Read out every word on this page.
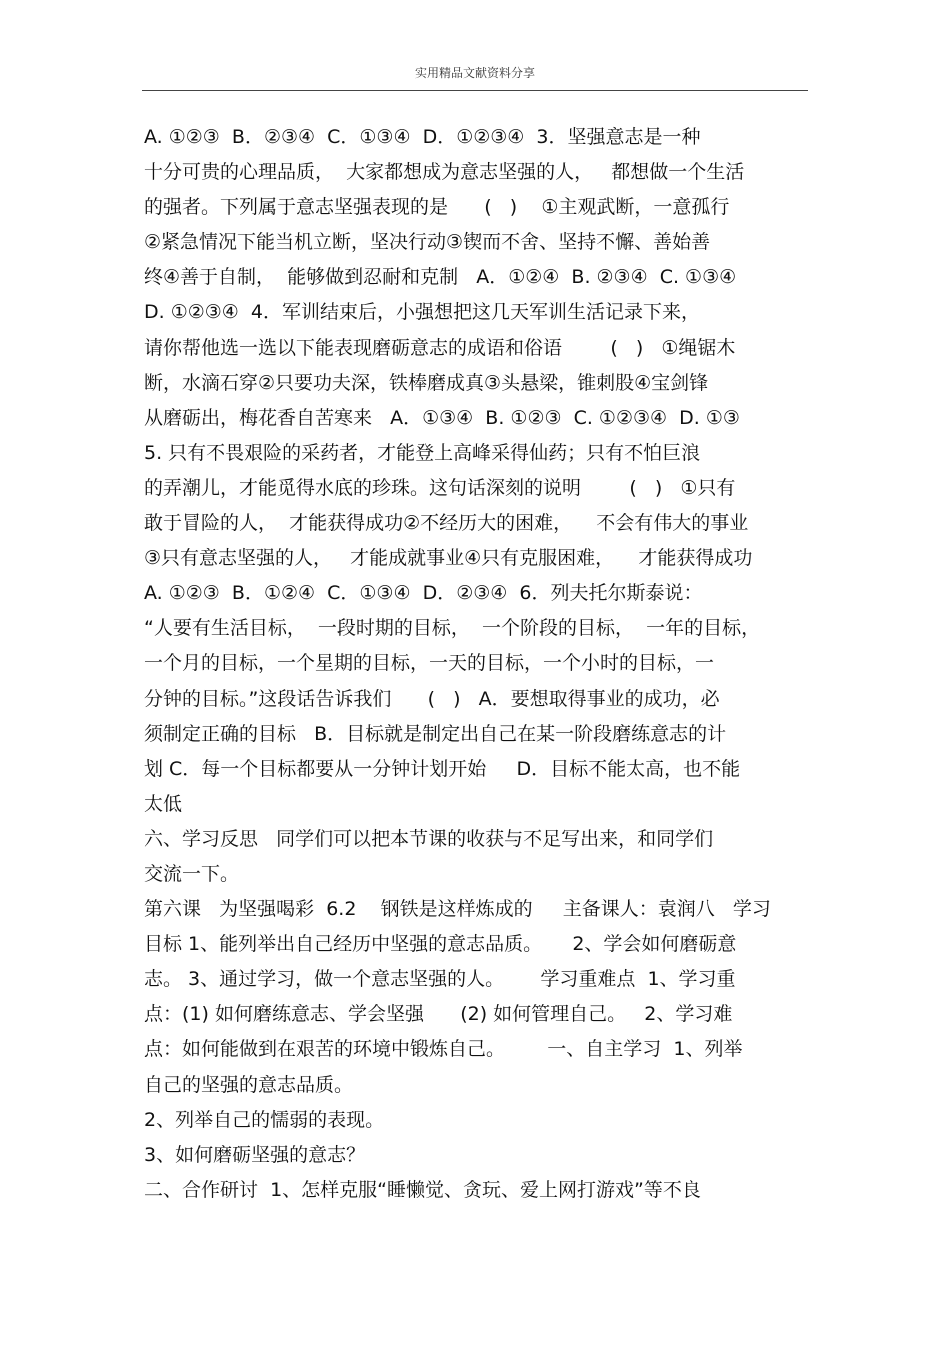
实用精品文献资料分享
A. ①②③  B．②③④  C．①③④  D．①②③④  3．坚强意志是一种
十分可贵的心理品质，  大家都想成为意志坚强的人，   都想做一个生活
的强者。下列属于意志坚强表现的是      (   )    ①主观武断，一意孤行
②紧急情况下能当机立断，坚决行动③锲而不舍、坚持不懈、善始善
终④善于自制，  能够做到忍耐和克制   A．①②④  B. ②③④  C. ①③④
D. ①②③④  4．军训结束后，小强想把这几天军训生活记录下来，
请你帮他选一选以下能表现磨砺意志的成语和俗语        (   )   ①绳锯木
断，水滴石穿②只要功夫深，铁棒磨成真③头悬梁，锥刺股④宝剑锋
从磨砺出，梅花香自苦寒来   A．①③④  B. ①②③  C. ①②③④  D. ①③
5. 只有不畏艰险的采药者，才能登上高峰采得仙药；只有不怕巨浪
的弄潮儿，才能觅得水底的珍珠。这句话深刻的说明        (   )   ①只有
敢于冒险的人，  才能获得成功②不经历大的困难，    不会有伟大的事业
③只有意志坚强的人，   才能成就事业④只有克服困难，    才能获得成功
A. ①②③  B．①②④  C．①③④  D．②③④  6．列夫托尔斯泰说：
“人要有生活目标，  一段时期的目标，  一个阶段的目标，  一年的目标，
一个月的目标，一个星期的目标，一天的目标，一个小时的目标，一
分钟的目标。”这段话告诉我们      (   )   A．要想取得事业的成功，必
须制定正确的目标   B．目标就是制定出自己在某一阶段磨练意志的计
划 C．每一个目标都要从一分钟计划开始     D．目标不能太高，也不能
太低
六、学习反思   同学们可以把本节课的收获与不足写出来，和同学们
交流一下。
第六课   为坚强喝彩  6.2    钢铁是这样炼成的     主备课人：袁润八   学习
目标 1、能列举出自己经历中坚强的意志品质。     2、学会如何磨砺意
志。 3、通过学习，做一个意志坚强的人。      学习重难点  1、学习重
点：(1) 如何磨练意志、学会坚强      (2) 如何管理自己。   2、学习难
点：如何能做到在艰苦的环境中锻炼自己。       一、自主学习  1、列举
自己的坚强的意志品质。
2、列举自己的懦弱的表现。
3、如何磨砺坚强的意志？
二、合作研讨  1、怎样克服“睡懒觉、贪玩、爱上网打游戏”等不良
